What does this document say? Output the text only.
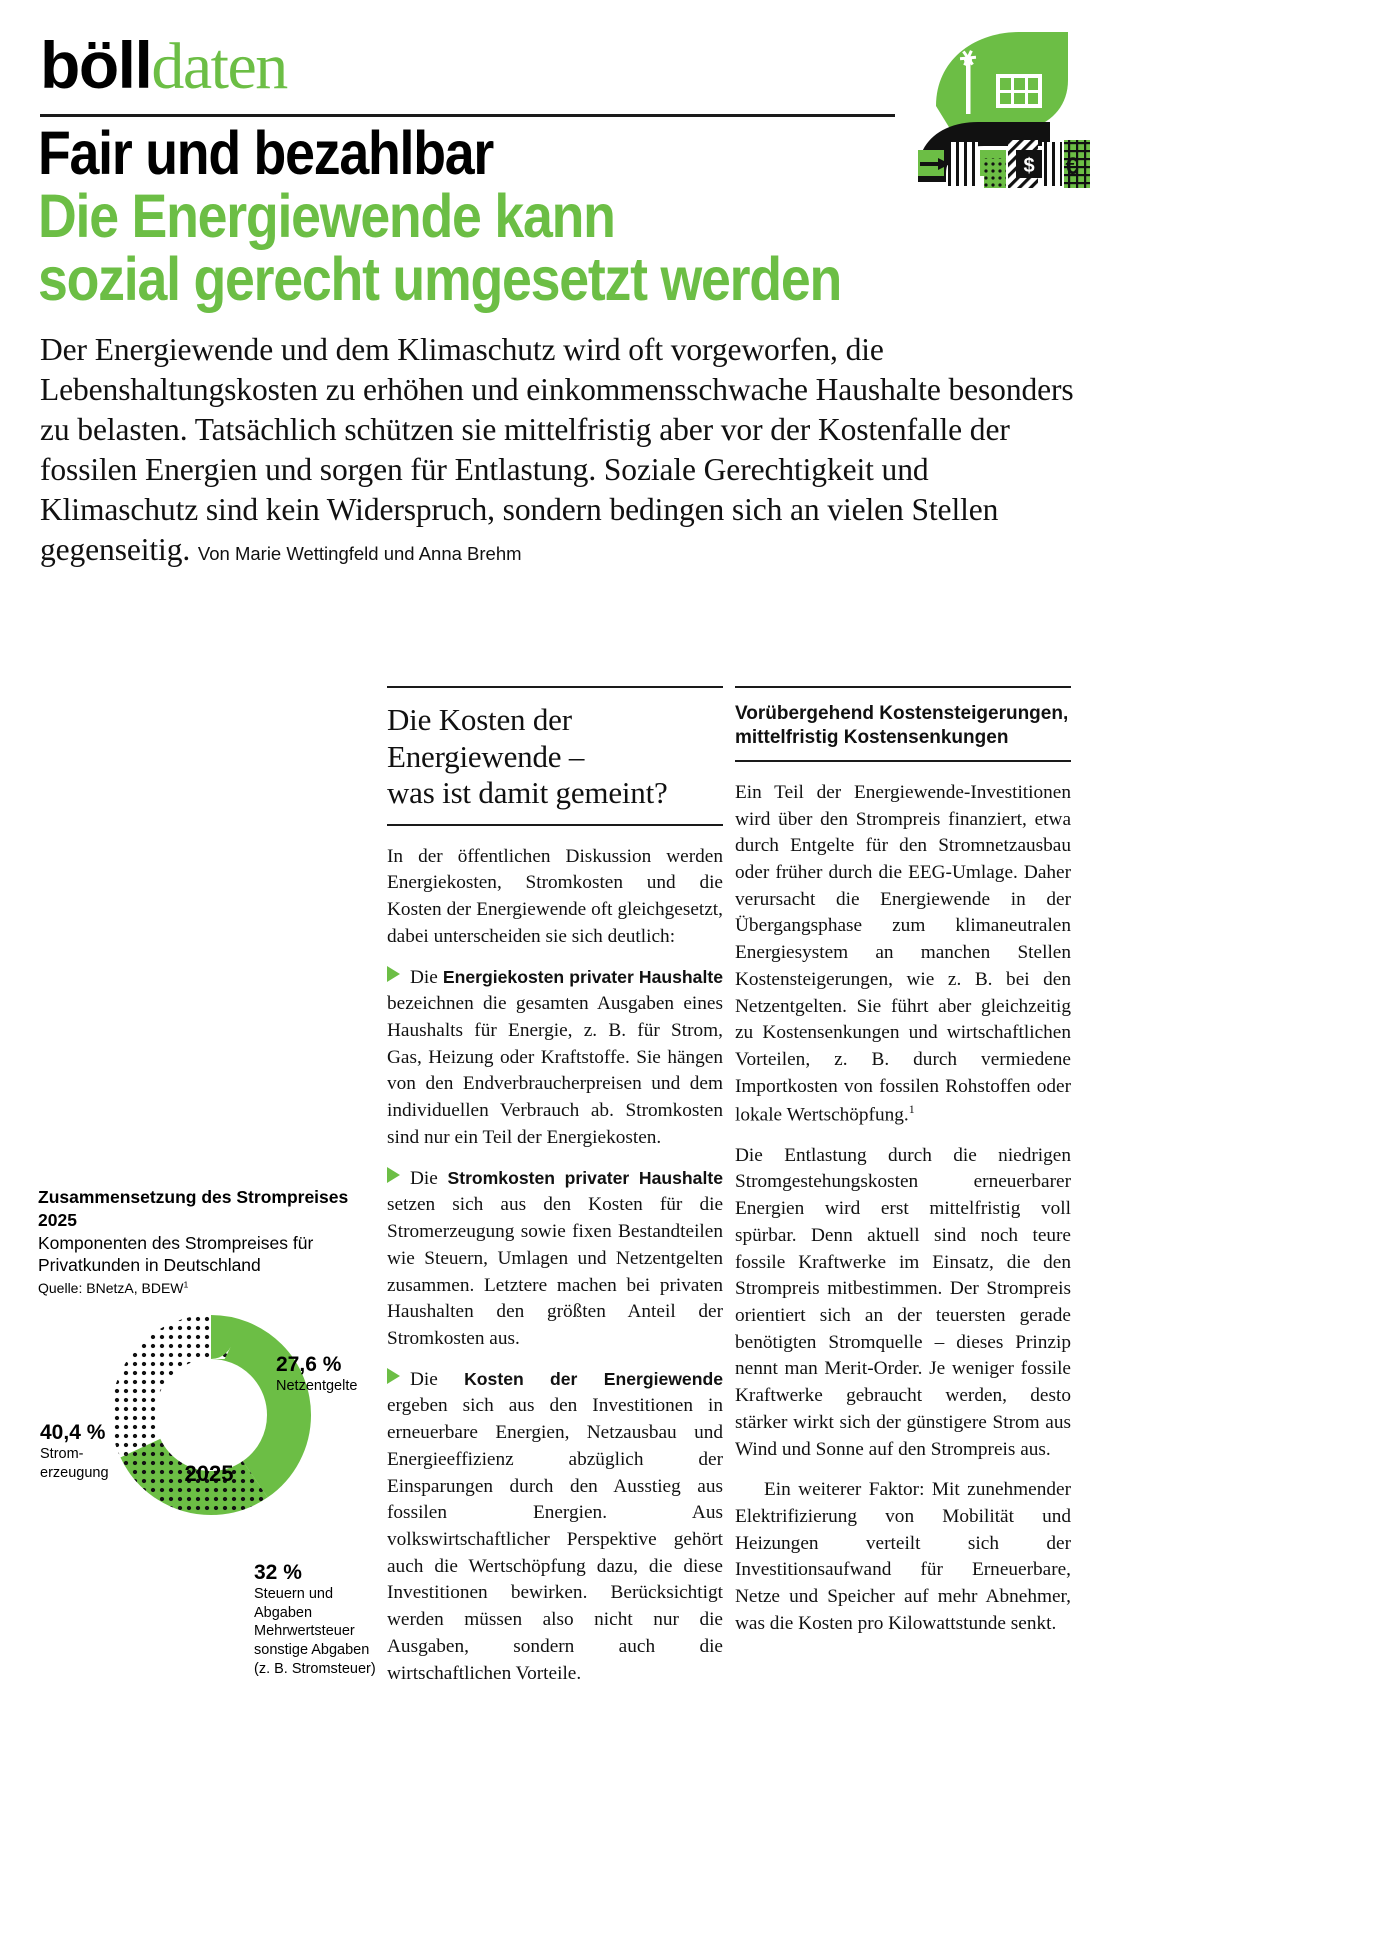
bölldaten
$ €
Fair und bezahlbar
Die Energiewende kann
sozial gerecht umgesetzt werden
Der Energiewende und dem Klimaschutz wird oft vorgeworfen, die Lebenshaltungskosten zu erhöhen und einkommensschwache Haushalte besonders zu belasten. Tatsächlich schützen sie mittelfristig aber vor der Kostenfalle der fossilen Energien und sorgen für Entlastung. Soziale Gerechtigkeit und Klimaschutz sind kein Widerspruch, sondern bedingen sich an vielen Stellen gegenseitig. Von Marie Wettingfeld und Anna Brehm
Zusammensetzung des Strompreises 2025
Komponenten des Strompreises für Privatkunden in Deutschland
Quelle: BNetzA, BDEW$^1$
2025
27,6 %
Netzentgelte
40,4 %
Strom-
erzeugung
32 %
Steuern und Abgaben
Mehrwertsteuer
sonstige Abgaben
(z. B. Stromsteuer)
Die Kosten der
Energiewende –
was ist damit gemeint?

In der öffentlichen Diskussion werden Energiekosten, Stromkosten und die Kosten der Energiewende oft gleichgesetzt, dabei unterscheiden sie sich deutlich:

Die Energiekosten privater Haushalte bezeichnen die gesamten Ausgaben eines Haushalts für Energie, z. B. für Strom, Gas, Heizung oder Kraftstoffe. Sie hängen von den Endverbraucherpreisen und dem individuellen Verbrauch ab. Stromkosten sind nur ein Teil der Energiekosten.

Die Stromkosten privater Haushalte setzen sich aus den Kosten für die Stromerzeugung sowie fixen Bestandteilen wie Steuern, Umlagen und Netzentgelten zusammen. Letztere machen bei privaten Haushalten den größten Anteil der Stromkosten aus.

Die Kosten der Energiewende ergeben sich aus den Investitionen in erneuerbare Energien, Netzausbau und Energieeffizienz abzüglich der Einsparungen durch den Ausstieg aus fossilen Energien. Aus volkswirtschaftlicher Perspektive gehört auch die Wertschöpfung dazu, die diese Investitionen bewirken. Berücksichtigt werden müssen also nicht nur die Ausgaben, sondern auch die wirtschaftlichen Vorteile.

Vorübergehend Kostensteigerungen,
mittelfristig Kostensenkungen

Ein Teil der Energiewende-Investitionen wird über den Strompreis finanziert, etwa durch Entgelte für den Stromnetzausbau oder früher durch die EEG-Umlage. Daher verursacht die Energiewende in der Übergangsphase zum klimaneutralen Energiesystem an manchen Stellen Kostensteigerungen, wie z. B. bei den Netzentgelten. Sie führt aber gleichzeitig zu Kostensenkungen und wirtschaftlichen Vorteilen, z. B. durch vermiedene Importkosten von fossilen Rohstoffen oder lokale Wertschöpfung.$^1$

Die Entlastung durch die niedrigen Stromgestehungskosten erneuerbarer Energien wird erst mittelfristig voll spürbar. Denn aktuell sind noch teure fossile Kraftwerke im Einsatz, die den Strompreis mitbestimmen. Der Strompreis orientiert sich an der teuersten gerade benötigten Stromquelle – dieses Prinzip nennt man Merit-Order. Je weniger fossile Kraftwerke gebraucht werden, desto stärker wirkt sich der günstigere Strom aus Wind und Sonne auf den Strompreis aus.

Ein weiterer Faktor: Mit zunehmender Elektrifizierung von Mobilität und Heizungen verteilt sich der Investitionsaufwand für Erneuerbare, Netze und Speicher auf mehr Abnehmer, was die Kosten pro Kilowattstunde senkt.
